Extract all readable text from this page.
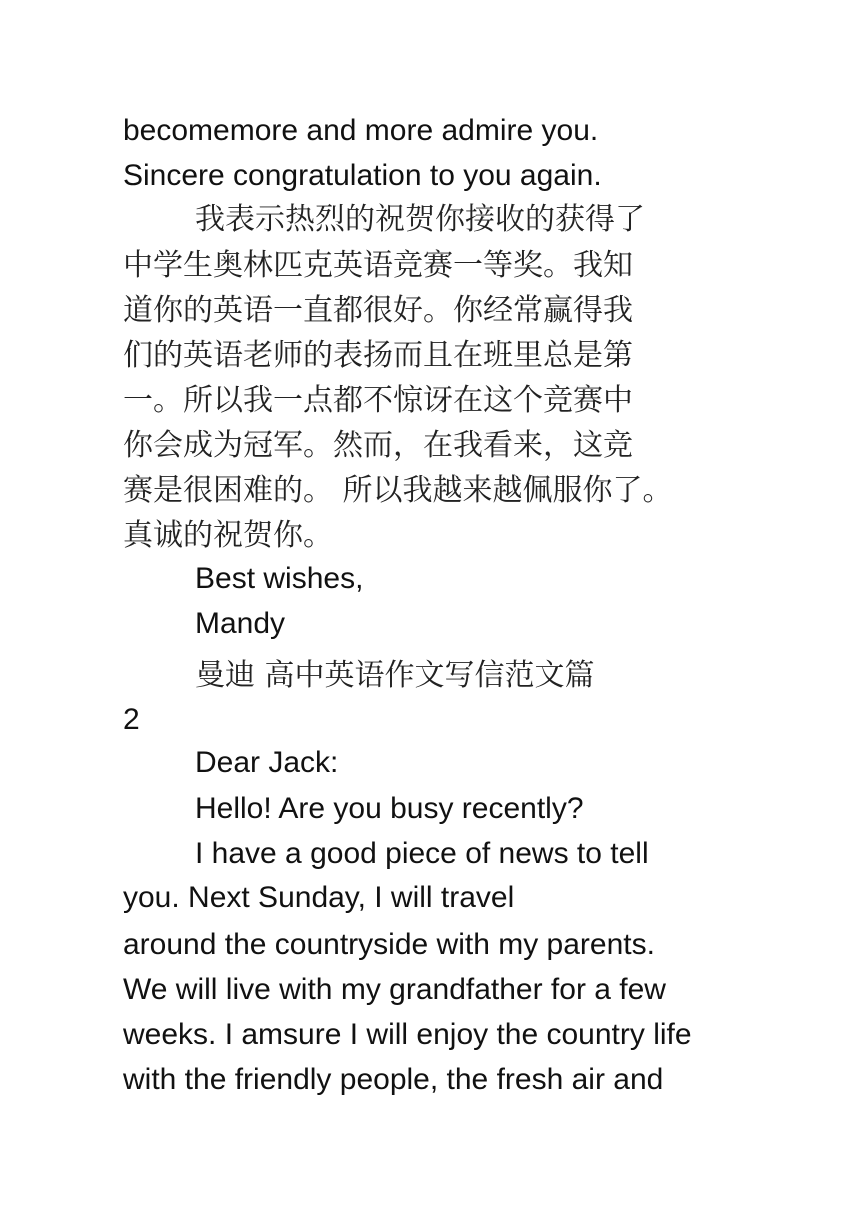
becomemore and more admire you.
Sincere congratulation to you again.
我表示热烈的祝贺你接收的获得了
中学生奥林匹克英语竞赛一等奖。我知
道你的英语一直都很好。你经常赢得我
们的英语老师的表扬而且在班里总是第
一。所以我一点都不惊讶在这个竞赛中
你会成为冠军。然而，在我看来，这竞
赛是很困难的。 所以我越来越佩服你了。
真诚的祝贺你。
Best wishes,
Mandy
曼迪 高中英语作文写信范文篇
2
Dear Jack:
Hello! Are you busy recently?
I have a good piece of news to tell
you. Next Sunday, I will travel
around the countryside with my parents.
We will live with my grandfather for a few
weeks. I amsure I will enjoy the country life
with the friendly people, the fresh air and
